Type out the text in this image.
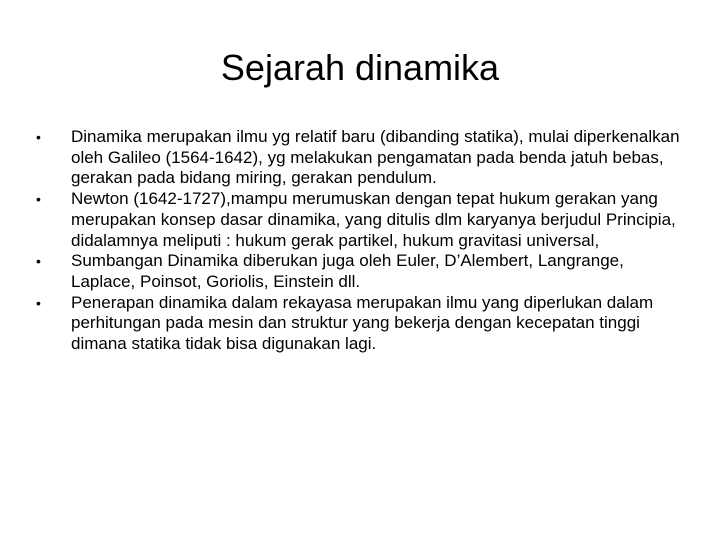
Sejarah dinamika
•	Dinamika merupakan ilmu yg relatif baru (dibanding statika), mulai diperkenalkan oleh Galileo (1564-1642), yg melakukan pengamatan pada benda jatuh bebas, gerakan pada bidang miring, gerakan pendulum.
•	Newton (1642-1727),mampu merumuskan dengan tepat hukum gerakan yang merupakan konsep dasar dinamika, yang ditulis dlm karyanya berjudul Principia, didalamnya meliputi : hukum gerak partikel, hukum gravitasi universal,
•	Sumbangan Dinamika diberukan juga oleh Euler, D’Alembert, Langrange, Laplace, Poinsot, Goriolis, Einstein dll.
•	Penerapan dinamika dalam rekayasa merupakan ilmu yang diperlukan dalam perhitungan pada mesin dan struktur yang bekerja dengan kecepatan tinggi dimana statika tidak bisa digunakan lagi.
